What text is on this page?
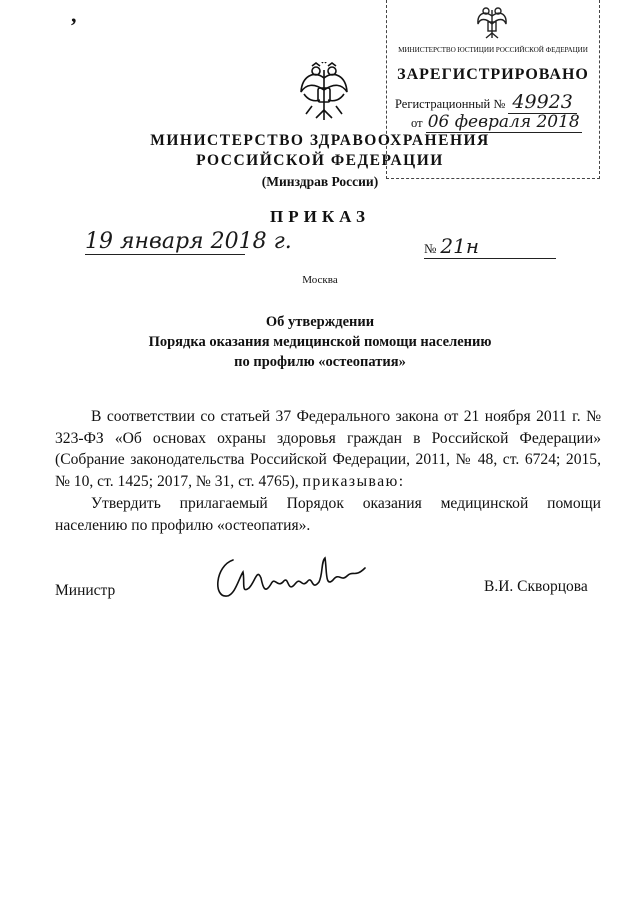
,
МИНИСТЕРСТВО ЮСТИЦИИ РОССИЙСКОЙ ФЕДЕРАЦИИ
ЗАРЕГИСТРИРОВАНО
Регистрационный № 49923
от 06 февраля 2018
МИНИСТЕРСТВО ЗДРАВООХРАНЕНИЯ
РОССИЙСКОЙ ФЕДЕРАЦИИ
(Минздрав России)
ПРИКАЗ
19 января 2018 г.	№ 21н
Москва
Об утверждении
Порядка оказания медицинской помощи населению
по профилю «остеопатия»
В соответствии со статьей 37 Федерального закона от 21 ноября 2011 г. № 323-ФЗ «Об основах охраны здоровья граждан в Российской Федерации» (Собрание законодательства Российской Федерации, 2011, № 48, ст. 6724; 2015, № 10, ст. 1425; 2017, № 31, ст. 4765), приказываю:
Утвердить прилагаемый Порядок оказания медицинской помощи населению по профилю «остеопатия».
Министр	В.И. Скворцова
